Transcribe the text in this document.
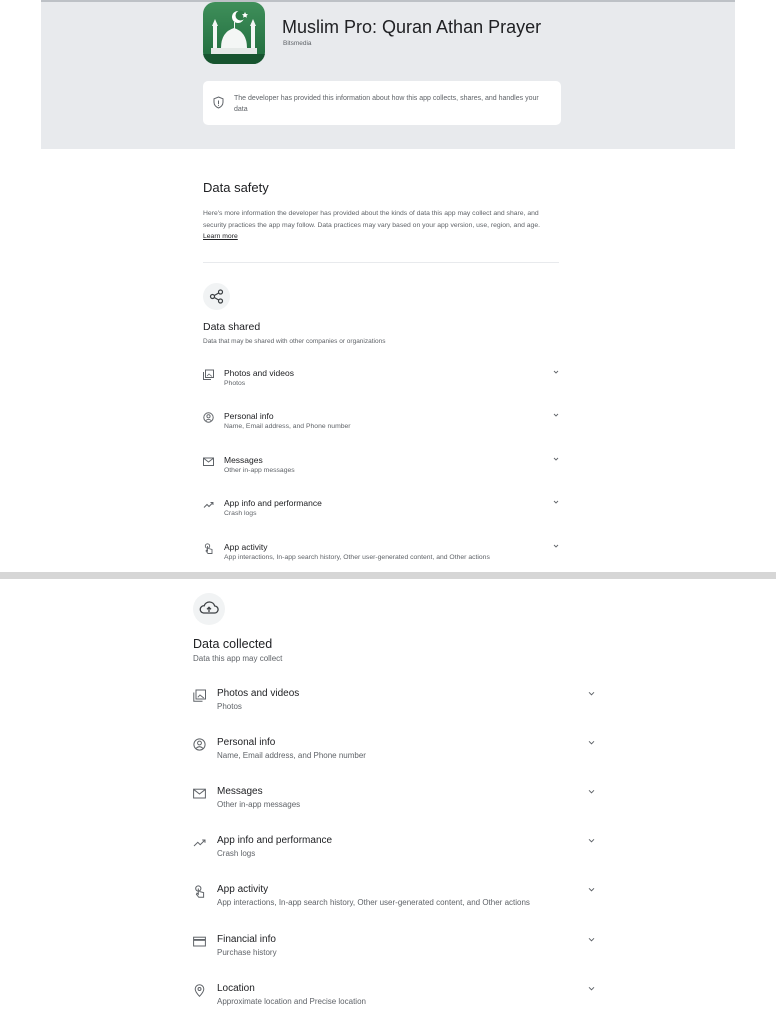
Muslim Pro: Quran Athan Prayer
Bitsmedia
The developer has provided this information about how this app collects, shares, and handles your data
Data safety
Here's more information the developer has provided about the kinds of data this app may collect and share, and security practices the app may follow. Data practices may vary based on your app version, use, region, and age. Learn more
Data shared
Data that may be shared with other companies or organizations
Photos and videos
Photos
Personal info
Name, Email address, and Phone number
Messages
Other in-app messages
App info and performance
Crash logs
App activity
App interactions, In-app search history, Other user-generated content, and Other actions
Data collected
Data this app may collect
Photos and videos
Photos
Personal info
Name, Email address, and Phone number
Messages
Other in-app messages
App info and performance
Crash logs
App activity
App interactions, In-app search history, Other user-generated content, and Other actions
Financial info
Purchase history
Location
Approximate location and Precise location
